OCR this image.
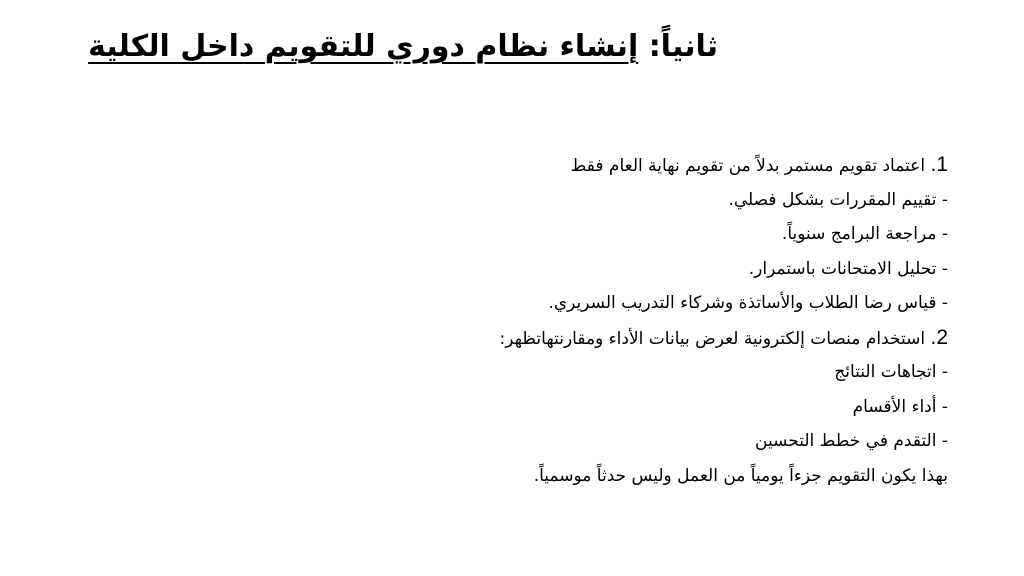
ثانياً: إنشاء نظام دوري للتقويم داخل الكلية
1. اعتماد تقويم مستمر بدلاً من تقويم نهاية العام فقط
- تقييم المقررات بشكل فصلي.
- مراجعة البرامج سنوياً.
- تحليل الامتحانات باستمرار.
- قياس رضا الطلاب والأساتذة وشركاء التدريب السريري.
2. استخدام منصات إلكترونية لعرض بيانات الأداء ومقارنتهاتظهر:
- اتجاهات النتائج
- أداء الأقسام
- التقدم في خطط التحسين
بهذا يكون التقويم جزءاً يومياً من العمل وليس حدثاً موسمياً.
